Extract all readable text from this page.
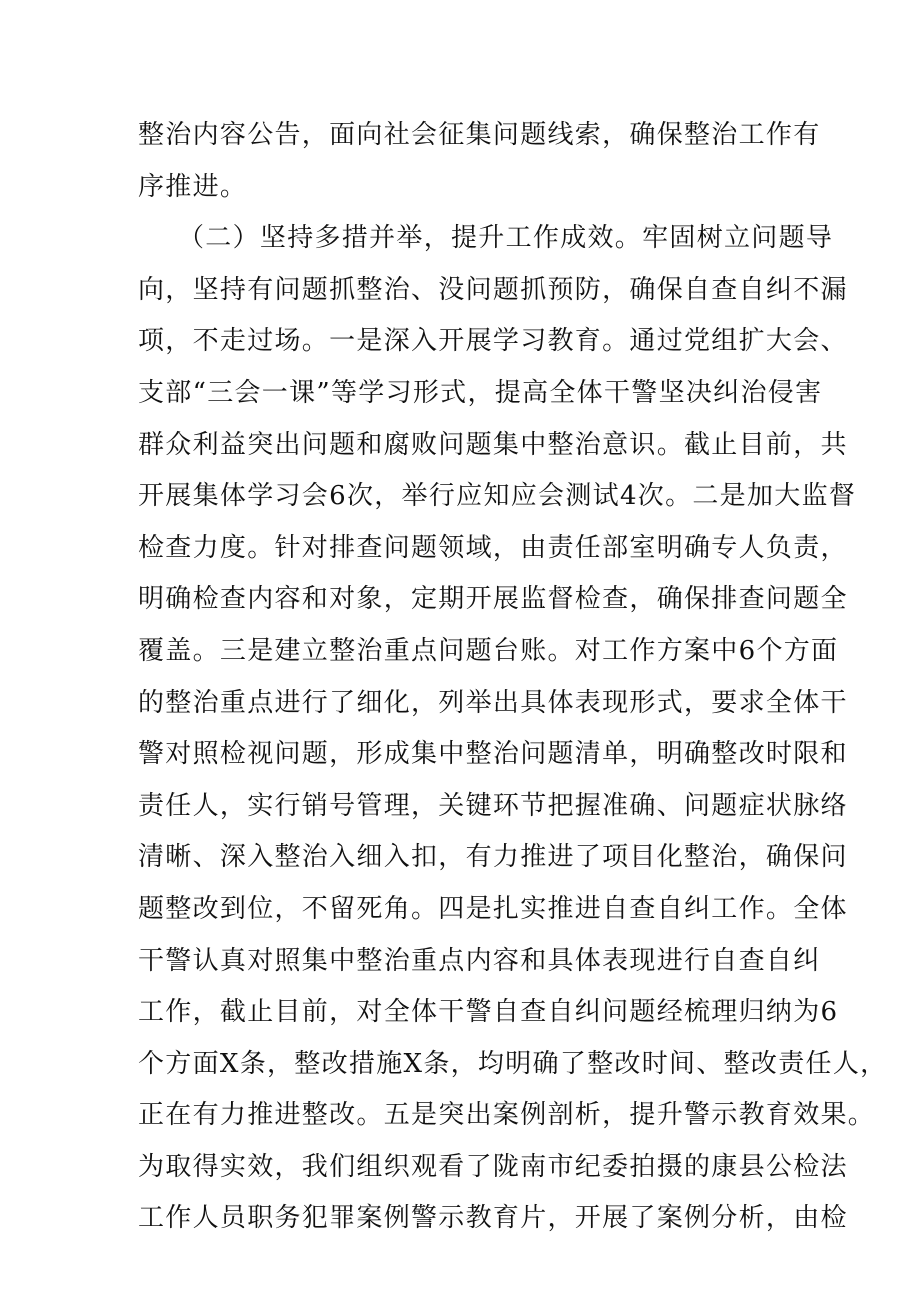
整治内容公告，面向社会征集问题线索，确保整治工作有
序推进。
（二）坚持多措并举，提升工作成效。牢固树立问题导
向，坚持有问题抓整治、没问题抓预防，确保自查自纠不漏
项，不走过场。一是深入开展学习教育。通过党组扩大会、
支部“三会一课”等学习形式，提高全体干警坚决纠治侵害
群众利益突出问题和腐败问题集中整治意识。截止目前，共
开展集体学习会6次，举行应知应会测试4次。二是加大监督
检查力度。针对排查问题领域，由责任部室明确专人负责，
明确检查内容和对象，定期开展监督检查，确保排查问题全
覆盖。三是建立整治重点问题台账。对工作方案中6个方面
的整治重点进行了细化，列举出具体表现形式，要求全体干
警对照检视问题，形成集中整治问题清单，明确整改时限和
责任人，实行销号管理，关键环节把握准确、问题症状脉络
清晰、深入整治入细入扣，有力推进了项目化整治，确保问
题整改到位，不留死角。四是扎实推进自查自纠工作。全体
干警认真对照集中整治重点内容和具体表现进行自查自纠
工作，截止目前，对全体干警自查自纠问题经梳理归纳为6
个方面X条，整改措施X条，均明确了整改时间、整改责任人，
正在有力推进整改。五是突出案例剖析，提升警示教育效果。
为取得实效，我们组织观看了陇南市纪委拍摄的康县公检法
工作人员职务犯罪案例警示教育片，开展了案例分析，由检
